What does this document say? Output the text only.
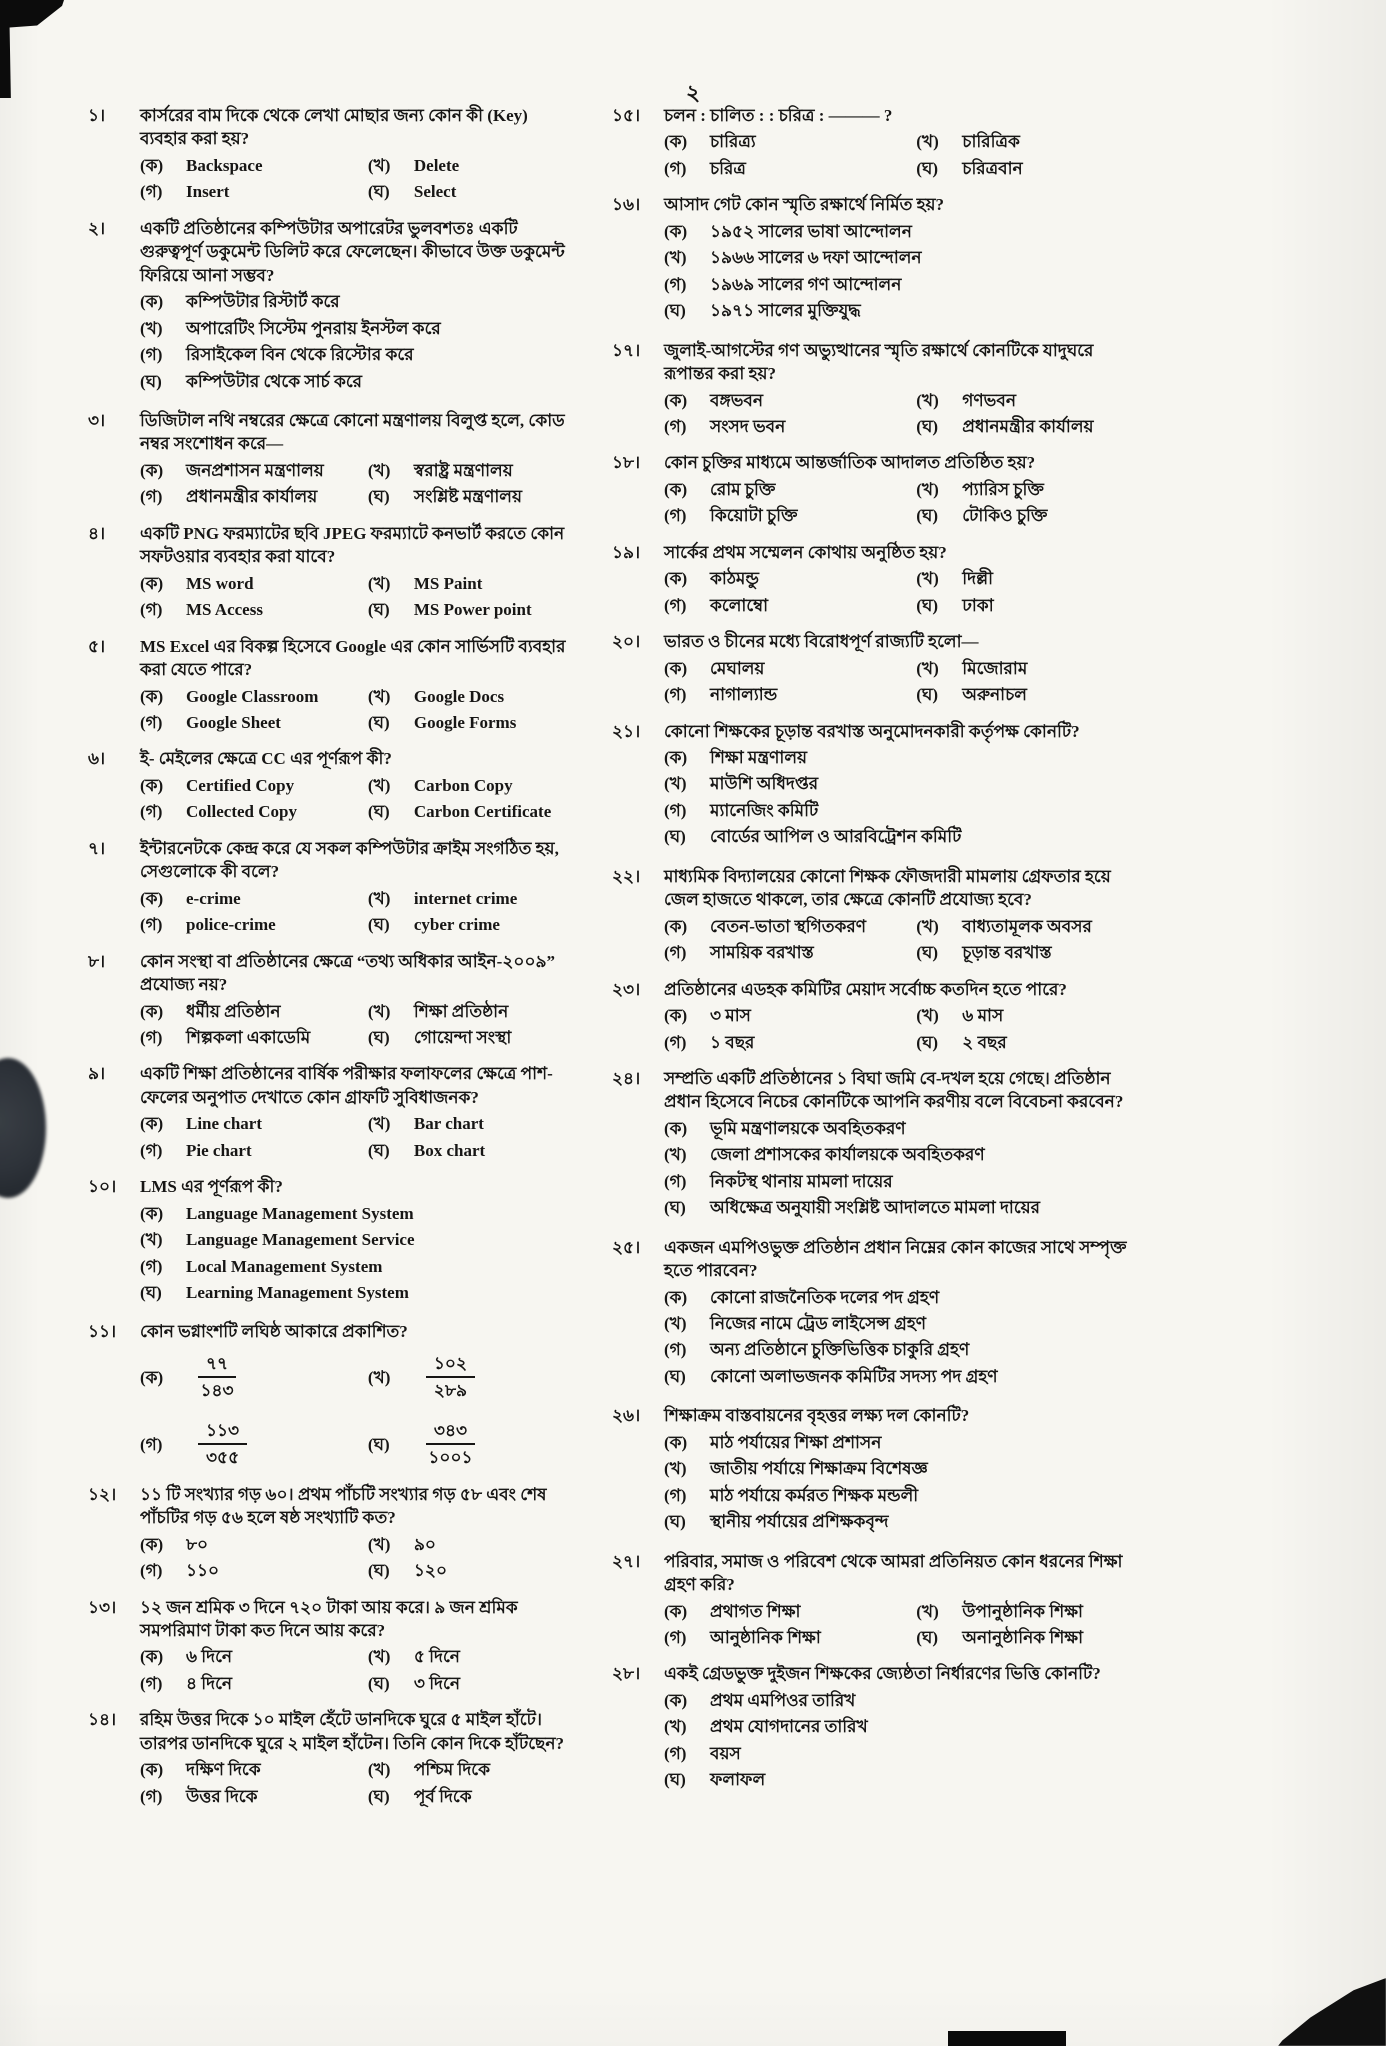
২
১।	কার্সরের বাম দিকে থেকে লেখা মোছার জন্য কোন কী (Key) ব্যবহার করা হয়?
(ক)	Backspace	(খ)	Delete
(গ)	Insert	(ঘ)	Select
২।	একটি প্রতিষ্ঠানের কম্পিউটার অপারেটর ভুলবশতঃ একটি গুরুত্বপূর্ণ ডকুমেন্ট ডিলিট করে ফেলেছেন। কীভাবে উক্ত ডকুমেন্ট ফিরিয়ে আনা সম্ভব?
(ক)	কম্পিউটার রিস্টার্ট করে
(খ)	অপারেটিং সিস্টেম পুনরায় ইনস্টল করে
(গ)	রিসাইকেল বিন থেকে রিস্টোর করে
(ঘ)	কম্পিউটার থেকে সার্চ করে
৩।	ডিজিটাল নথি নম্বরের ক্ষেত্রে কোনো মন্ত্রণালয় বিলুপ্ত হলে, কোড নম্বর সংশোধন করে—
(ক)	জনপ্রশাসন মন্ত্রণালয়	(খ)	স্বরাষ্ট্র মন্ত্রণালয়
(গ)	প্রধানমন্ত্রীর কার্যালয়	(ঘ)	সংশ্লিষ্ট মন্ত্রণালয়
৪।	একটি PNG ফরম্যাটের ছবি JPEG ফরম্যাটে কনভার্ট করতে কোন সফটওয়ার ব্যবহার করা যাবে?
(ক)	MS word	(খ)	MS Paint
(গ)	MS Access	(ঘ)	MS Power point
৫।	MS Excel এর বিকল্প হিসেবে Google এর কোন সার্ভিসটি ব্যবহার করা যেতে পারে?
(ক)	Google Classroom	(খ)	Google Docs
(গ)	Google Sheet	(ঘ)	Google Forms
৬।	ই- মেইলের ক্ষেত্রে CC এর পূর্ণরূপ কী?
(ক)	Certified Copy	(খ)	Carbon Copy
(গ)	Collected Copy	(ঘ)	Carbon Certificate
৭।	ইন্টারনেটকে কেন্দ্র করে যে সকল কম্পিউটার ক্রাইম সংগঠিত হয়, সেগুলোকে কী বলে?
(ক)	e-crime	(খ)	internet crime
(গ)	police-crime	(ঘ)	cyber crime
৮।	কোন সংস্থা বা প্রতিষ্ঠানের ক্ষেত্রে “তথ্য অধিকার আইন-২০০৯” প্রযোজ্য নয়?
(ক)	ধর্মীয় প্রতিষ্ঠান	(খ)	শিক্ষা প্রতিষ্ঠান
(গ)	শিল্পকলা একাডেমি	(ঘ)	গোয়েন্দা সংস্থা
৯।	একটি শিক্ষা প্রতিষ্ঠানের বার্ষিক পরীক্ষার ফলাফলের ক্ষেত্রে পাশ-ফেলের অনুপাত দেখাতে কোন গ্রাফটি সুবিধাজনক?
(ক)	Line chart	(খ)	Bar chart
(গ)	Pie chart	(ঘ)	Box chart
১০।	LMS এর পূর্ণরূপ কী?
(ক)	Language Management System
(খ)	Language Management Service
(গ)	Local Management System
(ঘ)	Learning Management System
১১।	কোন ভগ্নাংশটি লঘিষ্ঠ আকারে প্রকাশিত?
(ক)	$\frac{৭৭}{১৪৩}$	(খ)	$\frac{১০২}{২৮৯}$
(গ)	$\frac{১১৩}{৩৫৫}$	(ঘ)	$\frac{৩৪৩}{১০০১}$
১২।	১১ টি সংখ্যার গড় ৬০। প্রথম পাঁচটি সংখ্যার গড় ৫৮ এবং শেষ পাঁচটির গড় ৫৬ হলে ষষ্ঠ সংখ্যাটি কত?
(ক)	৮০	(খ)	৯০
(গ)	১১০	(ঘ)	১২০
১৩।	১২ জন শ্রমিক ৩ দিনে ৭২০ টাকা আয় করে। ৯ জন শ্রমিক সমপরিমাণ টাকা কত দিনে আয় করে?
(ক)	৬ দিনে	(খ)	৫ দিনে
(গ)	৪ দিনে	(ঘ)	৩ দিনে
১৪।	রহিম উত্তর দিকে ১০ মাইল হেঁটে ডানদিকে ঘুরে ৫ মাইল হাঁটে। তারপর ডানদিকে ঘুরে ২ মাইল হাঁটেন। তিনি কোন দিকে হাঁটছেন?
(ক)	দক্ষিণ দিকে	(খ)	পশ্চিম দিকে
(গ)	উত্তর দিকে	(ঘ)	পূর্ব দিকে
১৫।	চলন : চালিত : : চরিত্র : ——— ?
(ক)	চারিত্র্য	(খ)	চারিত্রিক
(গ)	চরিত্র	(ঘ)	চরিত্রবান
১৬।	আসাদ গেট কোন স্মৃতি রক্ষার্থে নির্মিত হয়?
(ক)	১৯৫২ সালের ভাষা আন্দোলন
(খ)	১৯৬৬ সালের ৬ দফা আন্দোলন
(গ)	১৯৬৯ সালের গণ আন্দোলন
(ঘ)	১৯৭১ সালের মুক্তিযুদ্ধ
১৭।	জুলাই-আগস্টের গণ অভ্যুত্থানের স্মৃতি রক্ষার্থে কোনটিকে যাদুঘরে রূপান্তর করা হয়?
(ক)	বঙ্গভবন	(খ)	গণভবন
(গ)	সংসদ ভবন	(ঘ)	প্রধানমন্ত্রীর কার্যালয়
১৮।	কোন চুক্তির মাধ্যমে আন্তর্জাতিক আদালত প্রতিষ্ঠিত হয়?
(ক)	রোম চুক্তি	(খ)	প্যারিস চুক্তি
(গ)	কিয়োটা চুক্তি	(ঘ)	টোকিও চুক্তি
১৯।	সার্কের প্রথম সম্মেলন কোথায় অনুষ্ঠিত হয়?
(ক)	কাঠমন্ডু	(খ)	দিল্লী
(গ)	কলোম্বো	(ঘ)	ঢাকা
২০।	ভারত ও চীনের মধ্যে বিরোধপূর্ণ রাজ্যটি হলো—
(ক)	মেঘালয়	(খ)	মিজোরাম
(গ)	নাগাল্যান্ড	(ঘ)	অরুনাচল
২১।	কোনো শিক্ষকের চূড়ান্ত বরখাস্ত অনুমোদনকারী কর্তৃপক্ষ কোনটি?
(ক)	শিক্ষা মন্ত্রণালয়
(খ)	মাউশি অধিদপ্তর
(গ)	ম্যানেজিং কমিটি
(ঘ)	বোর্ডের আপিল ও আরবিট্রেশন কমিটি
২২।	মাধ্যমিক বিদ্যালয়ের কোনো শিক্ষক ফৌজদারী মামলায় গ্রেফতার হয়ে জেল হাজতে থাকলে, তার ক্ষেত্রে কোনটি প্রযোজ্য হবে?
(ক)	বেতন-ভাতা স্থগিতকরণ	(খ)	বাধ্যতামূলক অবসর
(গ)	সাময়িক বরখাস্ত	(ঘ)	চূড়ান্ত বরখাস্ত
২৩।	প্রতিষ্ঠানের এডহক কমিটির মেয়াদ সর্বোচ্চ কতদিন হতে পারে?
(ক)	৩ মাস	(খ)	৬ মাস
(গ)	১ বছর	(ঘ)	২ বছর
২৪।	সম্প্রতি একটি প্রতিষ্ঠানের ১ বিঘা জমি বে-দখল হয়ে গেছে। প্রতিষ্ঠান প্রধান হিসেবে নিচের কোনটিকে আপনি করণীয় বলে বিবেচনা করবেন?
(ক)	ভূমি মন্ত্রণালয়কে অবহিতকরণ
(খ)	জেলা প্রশাসকের কার্যালয়কে অবহিতকরণ
(গ)	নিকটস্থ থানায় মামলা দায়ের
(ঘ)	অধিক্ষেত্র অনুযায়ী সংশ্লিষ্ট আদালতে মামলা দায়ের
২৫।	একজন এমপিওভুক্ত প্রতিষ্ঠান প্রধান নিম্নের কোন কাজের সাথে সম্পৃক্ত হতে পারবেন?
(ক)	কোনো রাজনৈতিক দলের পদ গ্রহণ
(খ)	নিজের নামে ট্রেড লাইসেন্স গ্রহণ
(গ)	অন্য প্রতিষ্ঠানে চুক্তিভিত্তিক চাকুরি গ্রহণ
(ঘ)	কোনো অলাভজনক কমিটির সদস্য পদ গ্রহণ
২৬।	শিক্ষাক্রম বাস্তবায়নের বৃহত্তর লক্ষ্য দল কোনটি?
(ক)	মাঠ পর্যায়ের শিক্ষা প্রশাসন
(খ)	জাতীয় পর্যায়ে শিক্ষাক্রম বিশেষজ্ঞ
(গ)	মাঠ পর্যায়ে কর্মরত শিক্ষক মন্ডলী
(ঘ)	স্থানীয় পর্যায়ের প্রশিক্ষকবৃন্দ
২৭।	পরিবার, সমাজ ও পরিবেশ থেকে আমরা প্রতিনিয়ত কোন ধরনের শিক্ষা গ্রহণ করি?
(ক)	প্রথাগত শিক্ষা	(খ)	উপানুষ্ঠানিক শিক্ষা
(গ)	আনুষ্ঠানিক শিক্ষা	(ঘ)	অনানুষ্ঠানিক শিক্ষা
২৮।	একই গ্রেডভুক্ত দুইজন শিক্ষকের জ্যেষ্ঠতা নির্ধারণের ভিত্তি কোনটি?
(ক)	প্রথম এমপিওর তারিখ
(খ)	প্রথম যোগদানের তারিখ
(গ)	বয়স
(ঘ)	ফলাফল
